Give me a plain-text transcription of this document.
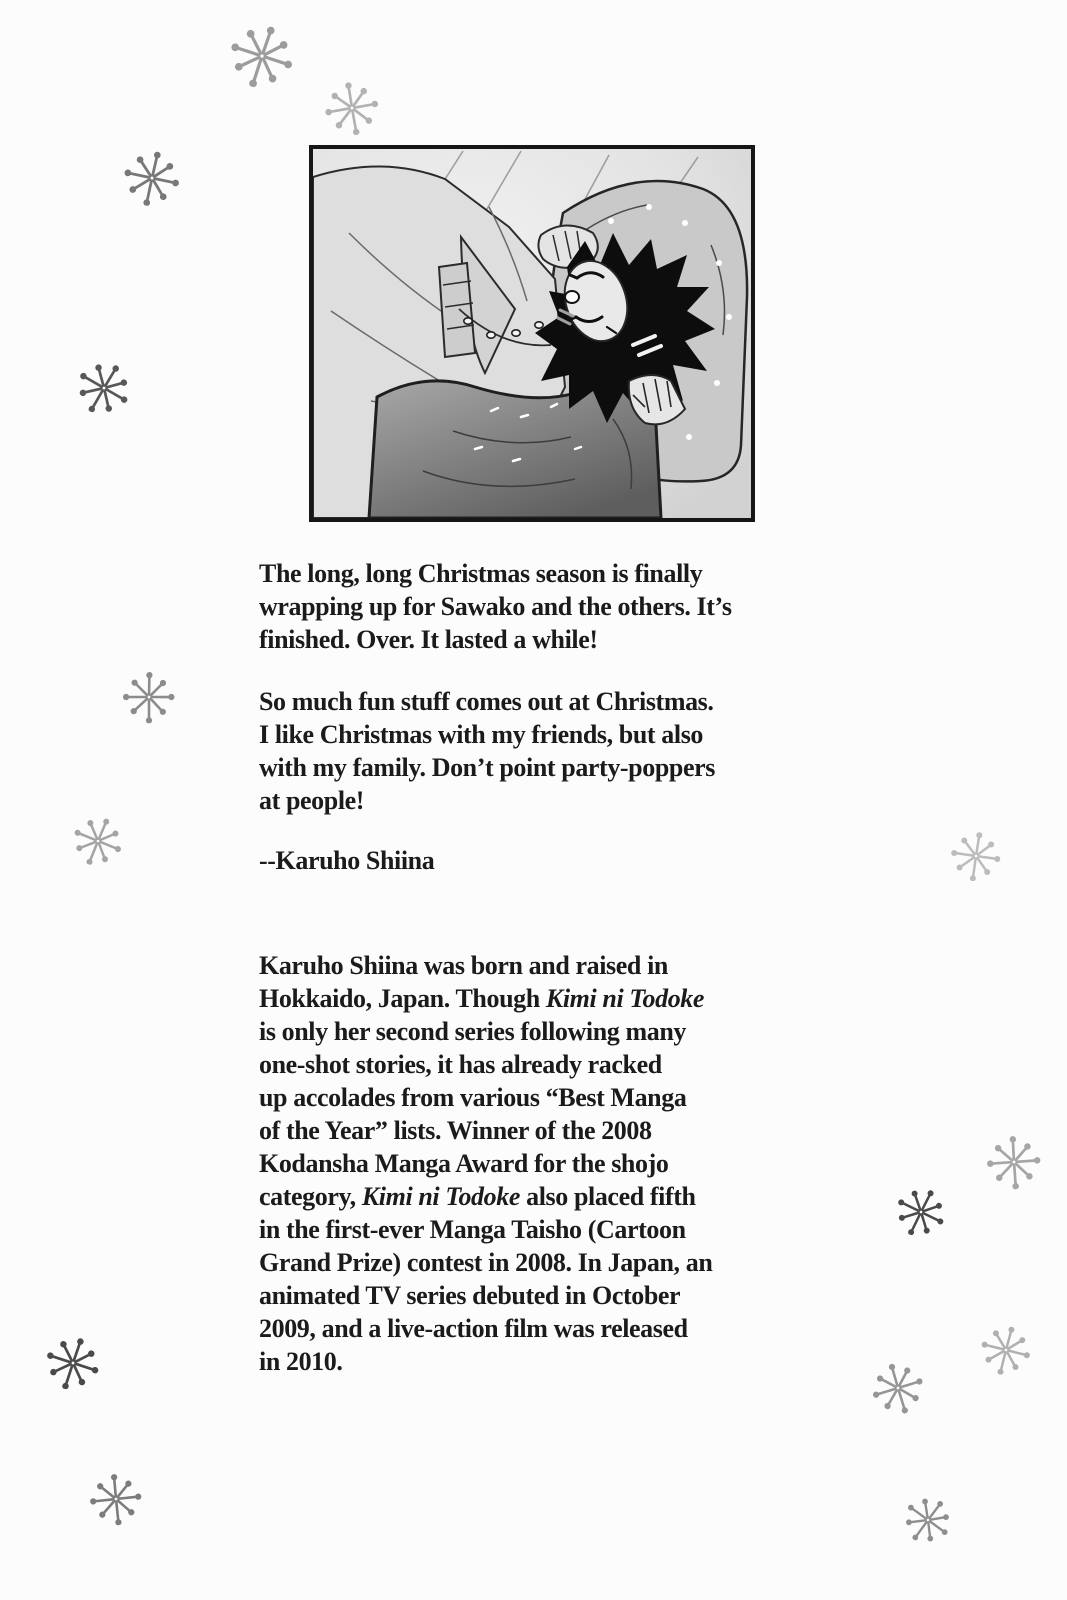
The long, long Christmas season is finally
wrapping up for Sawako and the others. It’s
finished. Over. It lasted a while!
So much fun stuff comes out at Christmas.
I like Christmas with my friends, but also
with my family. Don’t point party-poppers
at people!
--Karuho Shiina
Karuho Shiina was born and raised in
Hokkaido, Japan. Though Kimi ni Todoke
is only her second series following many
one-shot stories, it has already racked
up accolades from various “Best Manga
of the Year” lists. Winner of the 2008
Kodansha Manga Award for the shojo
category, Kimi ni Todoke also placed fifth
in the first-ever Manga Taisho (Cartoon
Grand Prize) contest in 2008. In Japan, an
animated TV series debuted in October
2009, and a live-action film was released
in 2010.
